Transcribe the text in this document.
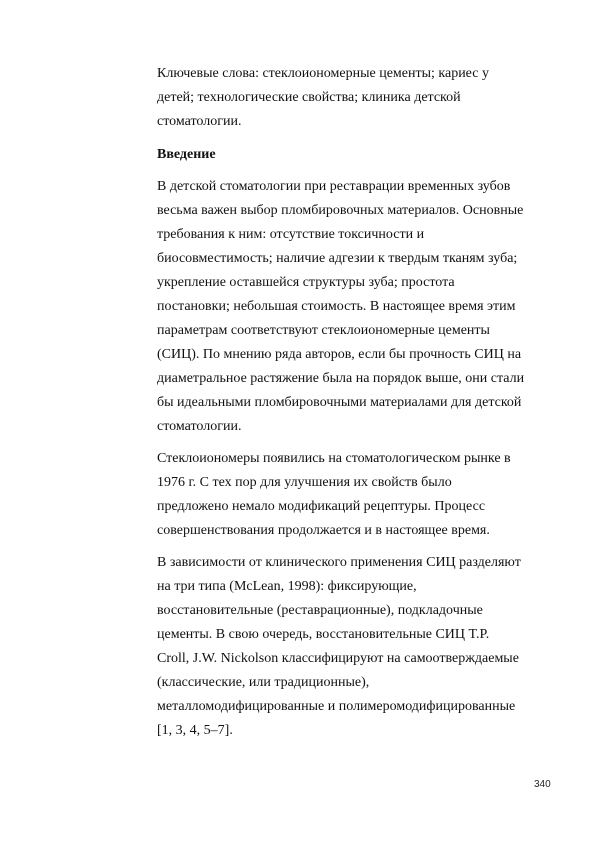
Ключевые слова: стеклоиономерные цементы; кариес у
детей; технологические свойства; клиника детской
стоматологии.
Введение
В детской стоматологии при реставрации временных зубов
весьма важен выбор пломбировочных материалов. Основные
требования к ним: отсутствие токсичности и
биосовместимость; наличие адгезии к твердым тканям зуба;
укрепление оставшейся структуры зуба; простота
постановки; небольшая стоимость. В настоящее время этим
параметрам соответствуют стеклоиономерные цементы
(СИЦ). По мнению ряда авторов, если бы прочность СИЦ на
диаметральное растяжение была на порядок выше, они стали
бы идеальными пломбировочными материалами для детской
стоматологии.
Стеклоиономеры появились на стоматологическом рынке в
1976 г. С тех пор для улучшения их свойств было
предложено немало модификаций рецептуры. Процесс
совершенствования продолжается и в настоящее время.
В зависимости от клинического применения СИЦ разделяют
на три типа (McLean, 1998): фиксирующие,
восстановительные (реставрационные), подкладочные
цементы. В свою очередь, восстановительные СИЦ T.P.
Croll, J.W. Nickolson классифицируют на самоотверждаемые
(классические, или традиционные),
металломодифицированные и полимеромодифицированные
[1, 3, 4, 5–7].
340
